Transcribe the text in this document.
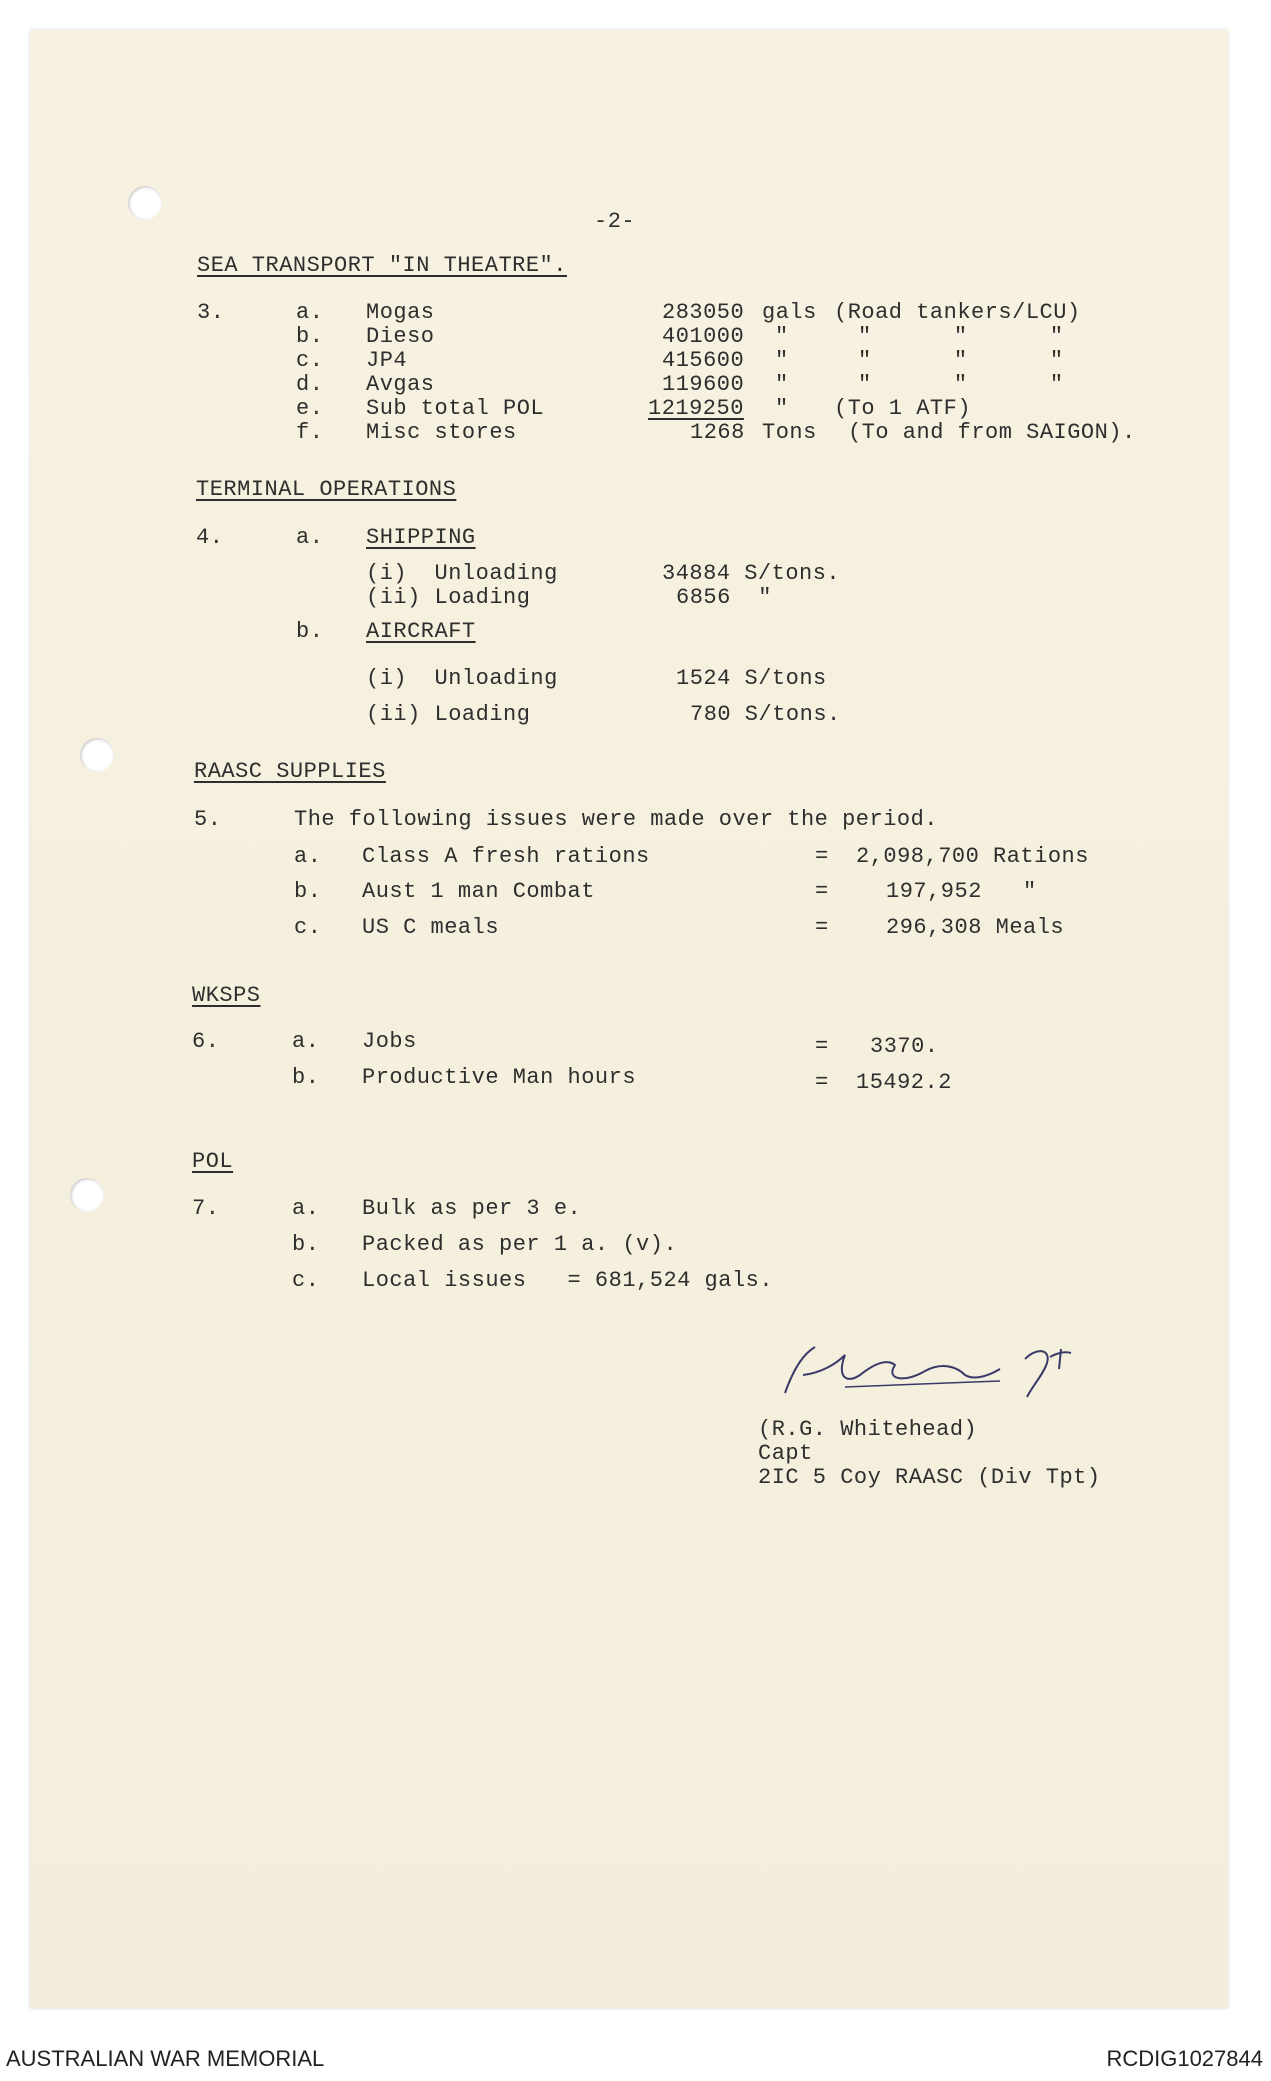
-2-
SEA TRANSPORT "IN THEATRE".
3.	a. Mogas	283050 gals (Road tankers/LCU)
b. Dieso	401000 "	"      "      "
c. JP4	415600 "	"      "      "
d. Avgas	119600 "	"      "      "
e. Sub total POL	1219250 " (To 1 ATF)
f. Misc stores	1268 Tons (To and from SAIGON).
TERMINAL OPERATIONS
4.	a. SHIPPING
(i)  Unloading	34884 S/tons.
(ii) Loading	6856  "
b. AIRCRAFT
(i)  Unloading	1524 S/tons
(ii) Loading	780 S/tons.
RAASC SUPPLIES
5.	The following issues were made over the period.
a. Class A fresh rations	= 2,098,700 Rations
b. Aust 1 man Combat	=	197,952   "
c. US C meals	=	296,308 Meals
WKSPS
6.	a. Jobs	= 3370.
b. Productive Man hours	= 15492.2
POL
7.	a. Bulk as per 3 e.
b. Packed as per 1 a. (v).
c. Local issues   = 681,524 gals.
(R.G. Whitehead)
Capt
2IC 5 Coy RAASC (Div Tpt)
AUSTRALIAN WAR MEMORIAL	RCDIG1027844
